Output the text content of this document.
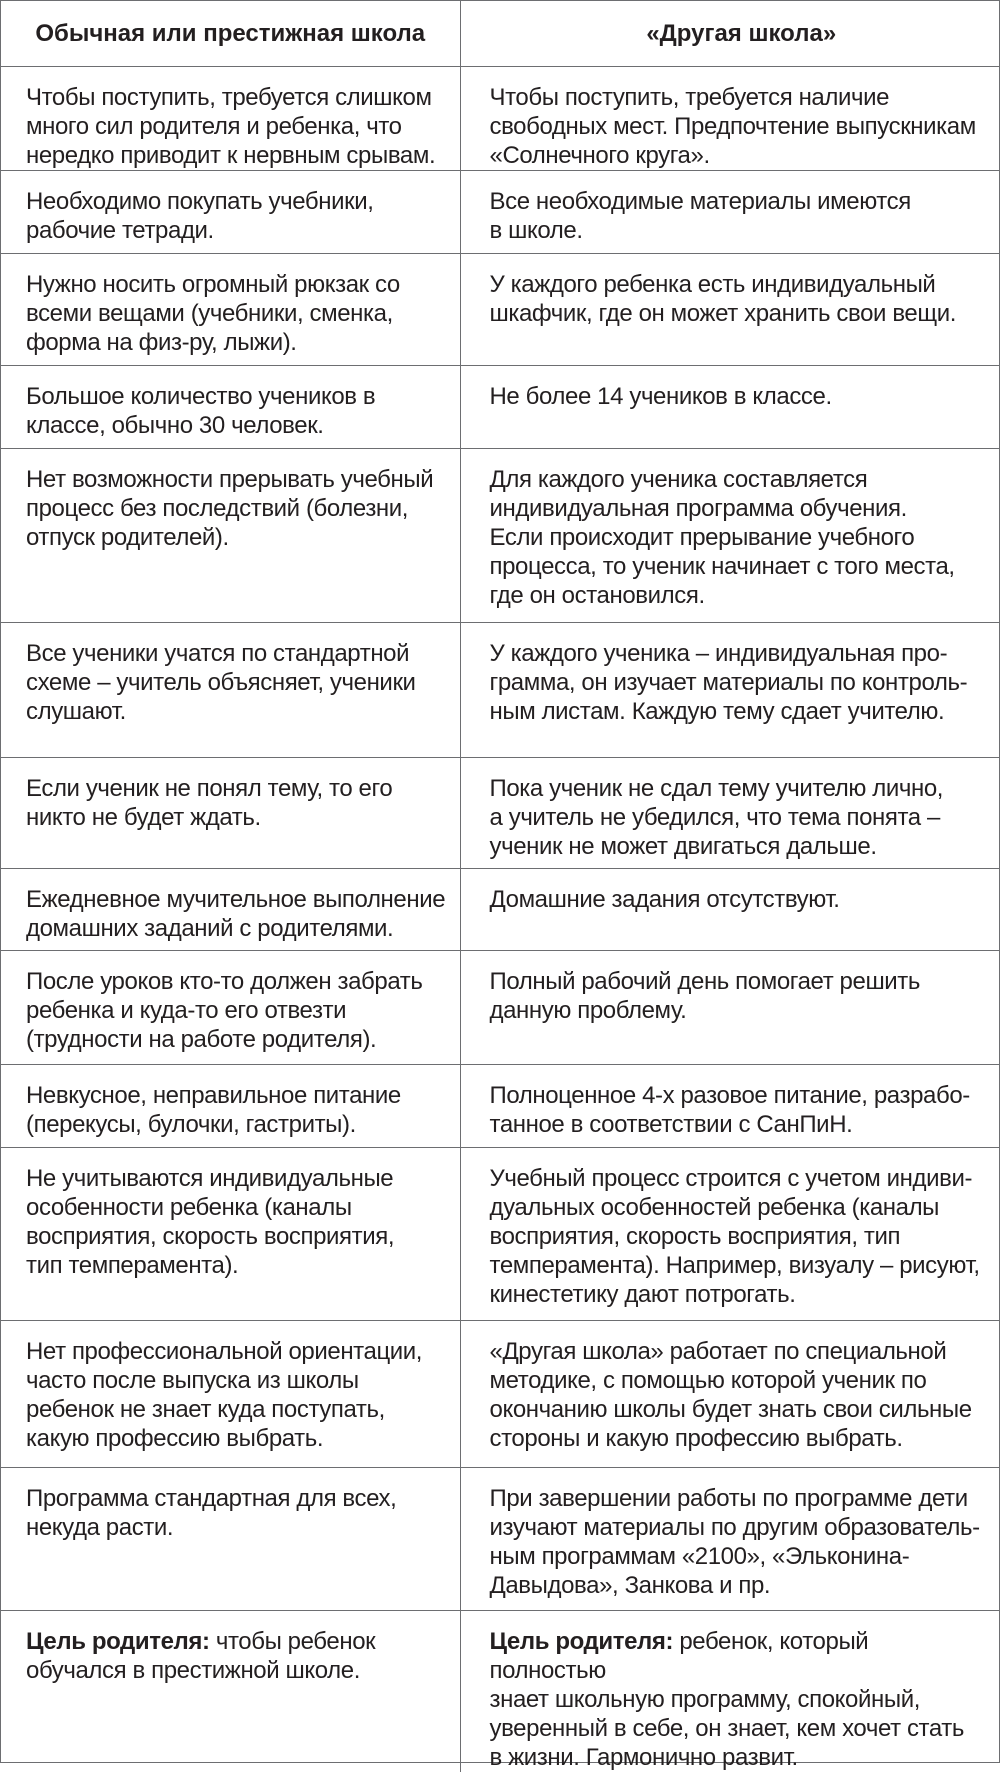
Обычная или престижная школа	«Другая школа»

Чтобы поступить, требуется слишком
много сил родителя и ребенка, что
нередко приводит к нервным срывам.	Чтобы поступить, требуется наличие
свободных мест. Предпочтение выпускникам
«Солнечного круга».

Необходимо покупать учебники,
рабочие тетради.	Все необходимые материалы имеются
в школе.

Нужно носить огромный рюкзак со
всеми вещами (учебники, сменка,
форма на физ-ру, лыжи).	У каждого ребенка есть индивидуальный
шкафчик, где он может хранить свои вещи.

Большое количество учеников в
классе, обычно 30 человек.	Не более 14 учеников в классе.

Нет возможности прерывать учебный
процесс без последствий (болезни,
отпуск родителей).	Для каждого ученика составляется
индивидуальная программа обучения.
Если происходит прерывание учебного
процесса, то ученик начинает с того места,
где он остановился.

Все ученики учатся по стандартной
схеме – учитель объясняет, ученики
слушают.	У каждого ученика – индивидуальная про-
грамма, он изучает материалы по контроль-
ным листам. Каждую тему сдает учителю.

Если ученик не понял тему, то его
никто не будет ждать.	Пока ученик не сдал тему учителю лично,
а учитель не убедился, что тема понята –
ученик не может двигаться дальше.

Ежедневное мучительное выполнение
домашних заданий с родителями.	Домашние задания отсутствуют.

После уроков кто-то должен забрать
ребенка и куда-то его отвезти
(трудности на работе родителя).	Полный рабочий день помогает решить
данную проблему.

Невкусное, неправильное питание
(перекусы, булочки, гастриты).	Полноценное 4-х разовое питание, разрабо-
танное в соответствии с СанПиН.

Не учитываются индивидуальные
особенности ребенка (каналы
восприятия, скорость восприятия,
тип темперамента).	Учебный процесс строится с учетом индиви-
дуальных особенностей ребенка (каналы
восприятия, скорость восприятия, тип
темперамента). Например, визуалу – рисуют,
кинестетику дают потрогать.

Нет профессиональной ориентации,
часто после выпуска из школы
ребенок не знает куда поступать,
какую профессию выбрать.	«Другая школа» работает по специальной
методике, с помощью которой ученик по
окончанию школы будет знать свои сильные
стороны и какую профессию выбрать.

Программа стандартная для всех,
некуда расти.	При завершении работы по программе дети
изучают материалы по другим образователь-
ным программам «2100», «Эльконина-
Давыдова», Занкова и пр.

Цель родителя: чтобы ребенок
обучался в престижной школе.	Цель родителя: ребенок, который полностью
знает школьную программу, спокойный,
уверенный в себе, он знает, кем хочет стать
в жизни. Гармонично развит.
